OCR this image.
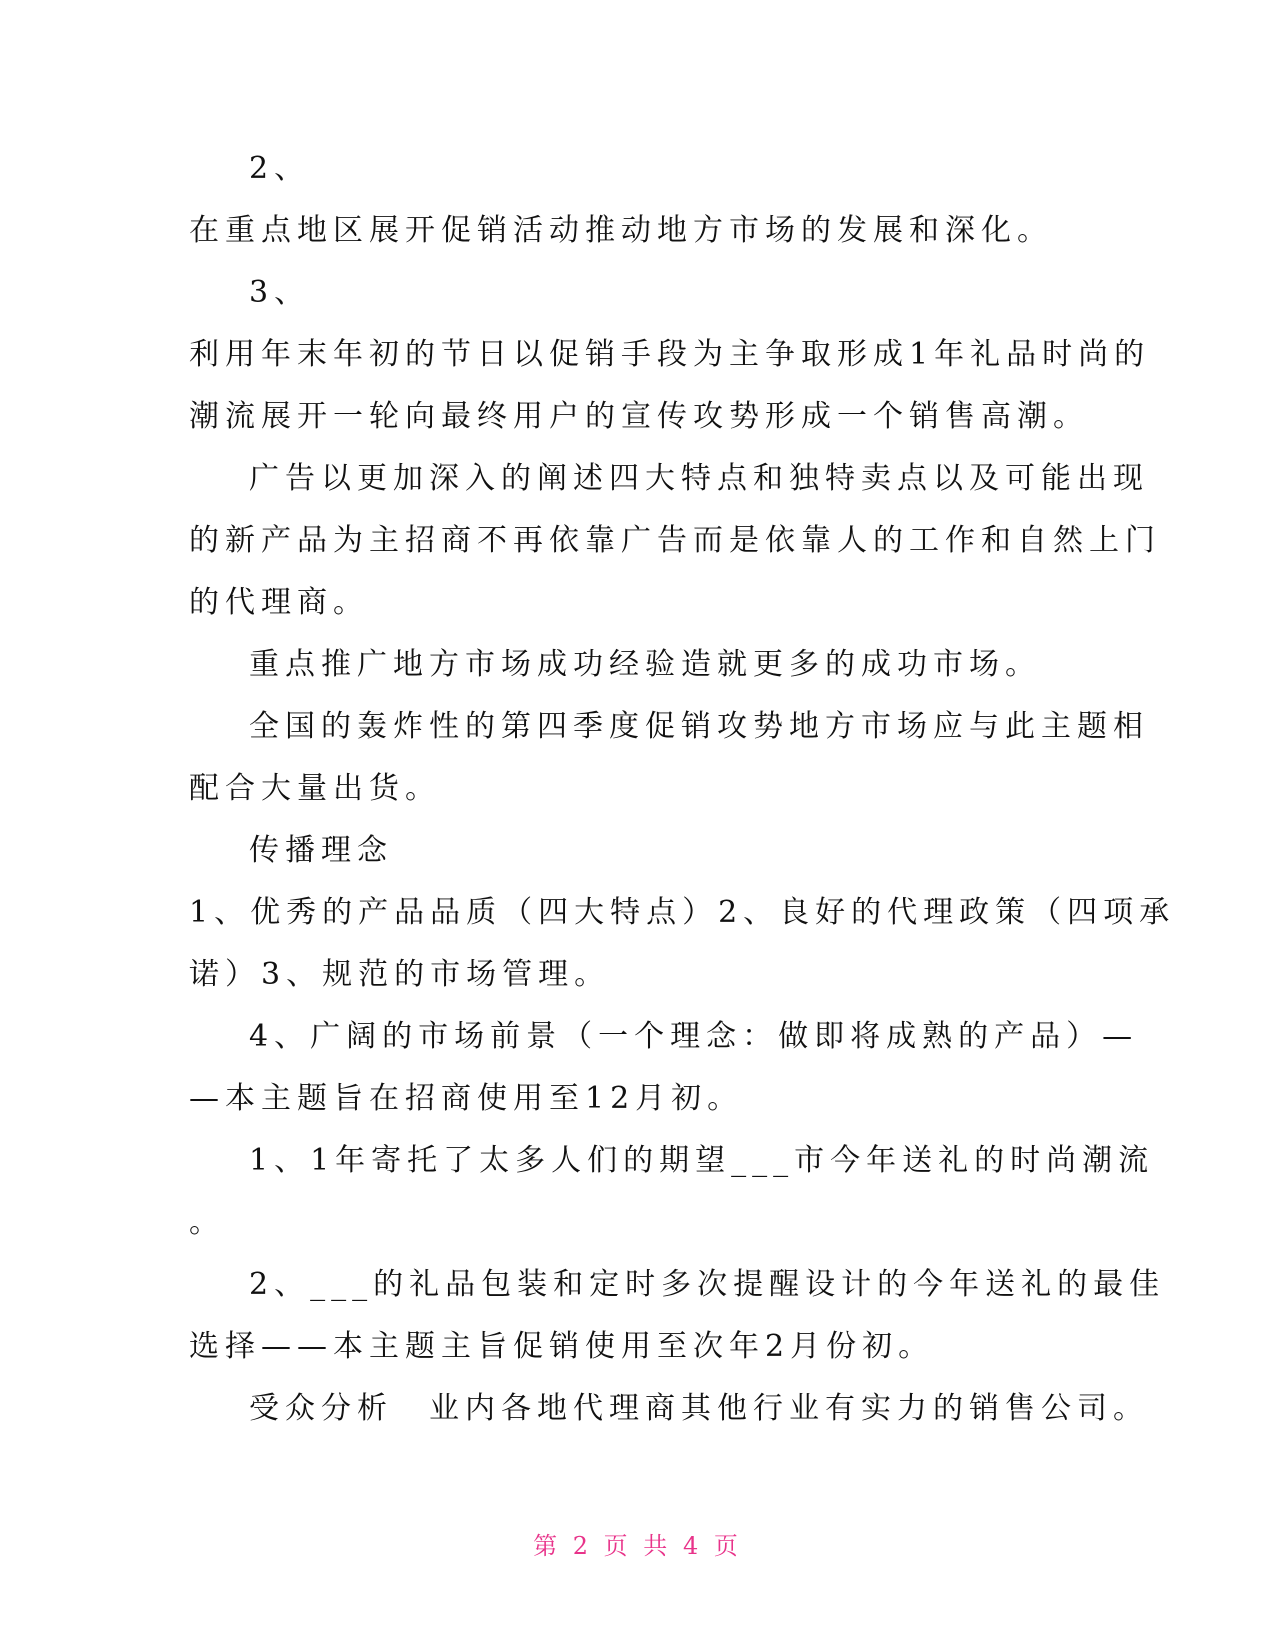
2、
在重点地区展开促销活动推动地方市场的发展和深化。
3、
利用年末年初的节日以促销手段为主争取形成1年礼品时尚的
潮流展开一轮向最终用户的宣传攻势形成一个销售高潮。
广告以更加深入的阐述四大特点和独特卖点以及可能出现
的新产品为主招商不再依靠广告而是依靠人的工作和自然上门
的代理商。
重点推广地方市场成功经验造就更多的成功市场。
全国的轰炸性的第四季度促销攻势地方市场应与此主题相
配合大量出货。
传播理念
1、优秀的产品品质（四大特点）2、良好的代理政策（四项承
诺）3、规范的市场管理。
4、广阔的市场前景（一个理念：做即将成熟的产品）—
—本主题旨在招商使用至12月初。
1、1年寄托了太多人们的期望___市今年送礼的时尚潮流
。
2、___的礼品包装和定时多次提醒设计的今年送礼的最佳
选择——本主题主旨促销使用至次年2月份初。
受众分析　业内各地代理商其他行业有实力的销售公司。
第 2 页 共 4 页
